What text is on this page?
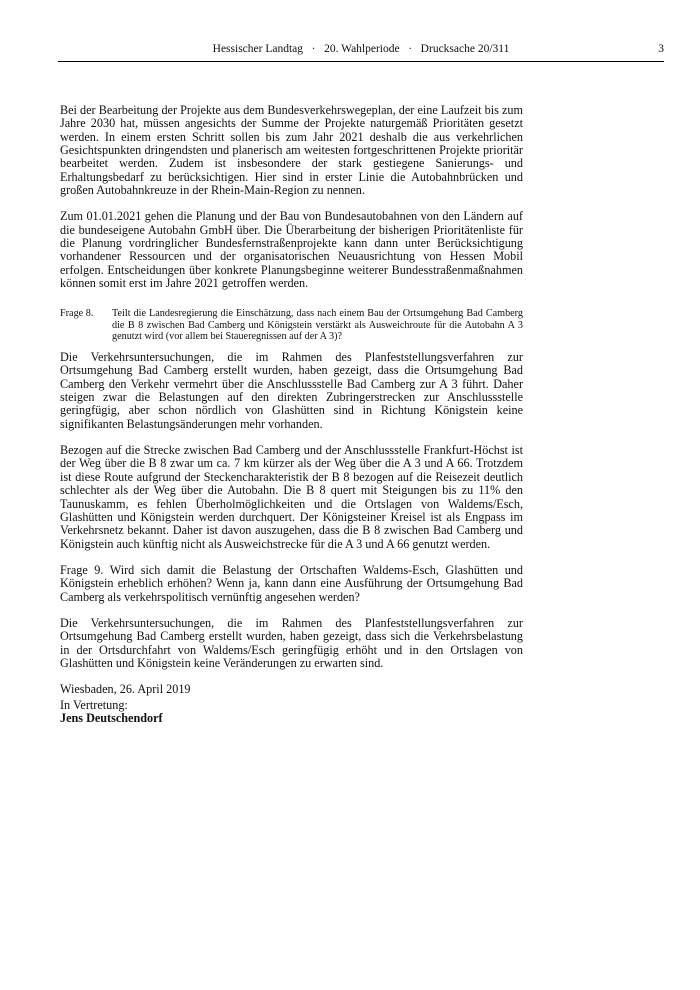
Hessischer Landtag   ·   20. Wahlperiode   ·   Drucksache 20/311	3

Bei der Bearbeitung der Projekte aus dem Bundesverkehrswegeplan, der eine Laufzeit bis zum Jahre 2030 hat, müssen angesichts der Summe der Projekte naturgemäß Prioritäten gesetzt werden. In einem ersten Schritt sollen bis zum Jahr 2021 deshalb die aus verkehrlichen Gesichtspunkten dringendsten und planerisch am weitesten fortgeschrittenen Projekte prioritär bearbeitet werden. Zudem ist insbesondere der stark gestiegene Sanierungs- und Erhaltungsbedarf zu berücksichtigen. Hier sind in erster Linie die Autobahnbrücken und großen Autobahnkreuze in der Rhein-Main-Region zu nennen.

Zum 01.01.2021 gehen die Planung und der Bau von Bundesautobahnen von den Ländern auf die bundeseigene Autobahn GmbH über. Die Überarbeitung der bisherigen Prioritätenliste für die Planung vordringlicher Bundesfernstraßenprojekte kann dann unter Berücksichtigung vorhandener Ressourcen und der organisatorischen Neuausrichtung von Hessen Mobil erfolgen. Entscheidungen über konkrete Planungsbeginne weiterer Bundesstraßenmaßnahmen können somit erst im Jahre 2021 getroffen werden.

Frage 8.	Teilt die Landesregierung die Einschätzung, dass nach einem Bau der Ortsumgehung Bad Camberg die B 8 zwischen Bad Camberg und Königstein verstärkt als Ausweichroute für die Autobahn A 3 genutzt wird (vor allem bei Staueregnissen auf der A 3)?

Die Verkehrsuntersuchungen, die im Rahmen des Planfeststellungsverfahren zur Ortsumgehung Bad Camberg erstellt wurden, haben gezeigt, dass die Ortsumgehung Bad Camberg den Verkehr vermehrt über die Anschlussstelle Bad Camberg zur A 3 führt. Daher steigen zwar die Belastungen auf den direkten Zubringerstrecken zur Anschlussstelle geringfügig, aber schon nördlich von Glashütten sind in Richtung Königstein keine signifikanten Belastungsänderungen mehr vorhanden.

Bezogen auf die Strecke zwischen Bad Camberg und der Anschlussstelle Frankfurt-Höchst ist der Weg über die B 8 zwar um ca. 7 km kürzer als der Weg über die A 3 und A 66. Trotzdem ist diese Route aufgrund der Steckencharakteristik der B 8 bezogen auf die Reisezeit deutlich schlechter als der Weg über die Autobahn. Die B 8 quert mit Steigungen bis zu 11% den Taunuskamm, es fehlen Überholmöglichkeiten und die Ortslagen von Waldems/Esch, Glashütten und Königstein werden durchquert. Der Königsteiner Kreisel ist als Engpass im Verkehrsnetz bekannt. Daher ist davon auszugehen, dass die B 8 zwischen Bad Camberg und Königstein auch künftig nicht als Ausweichstrecke für die A 3 und A 66 genutzt werden.

Frage 9. Wird sich damit die Belastung der Ortschaften Waldems-Esch, Glashütten und Königstein erheblich erhöhen? Wenn ja, kann dann eine Ausführung der Ortsumgehung Bad Camberg als verkehrspolitisch vernünftig angesehen werden?

Die Verkehrsuntersuchungen, die im Rahmen des Planfeststellungsverfahren zur Ortsumgehung Bad Camberg erstellt wurden, haben gezeigt, dass sich die Verkehrsbelastung in der Ortsdurchfahrt von Waldems/Esch geringfügig erhöht und in den Ortslagen von Glashütten und Königstein keine Veränderungen zu erwarten sind.

Wiesbaden, 26. April 2019

In Vertretung:

Jens Deutschendorf
